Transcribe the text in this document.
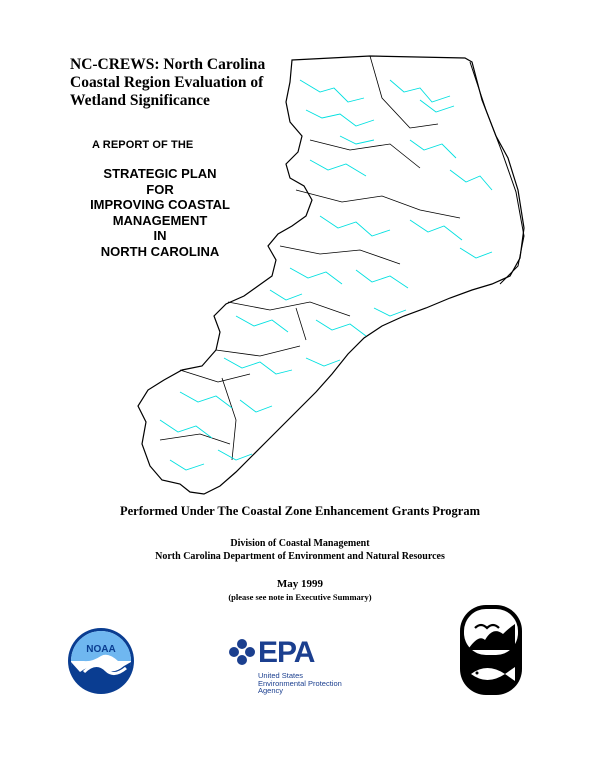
NC-CREWS: North Carolina
Coastal Region Evaluation of
Wetland Significance
A REPORT OF THE
STRATEGIC PLAN
FOR
IMPROVING COASTAL
MANAGEMENT
IN
NORTH CAROLINA
Performed Under The Coastal Zone Enhancement Grants Program
Division of Coastal Management
North Carolina Department of Environment and Natural Resources
May 1999
(please see note in Executive Summary)
NOAA	EPA
United States
Environmental Protection
Agency
